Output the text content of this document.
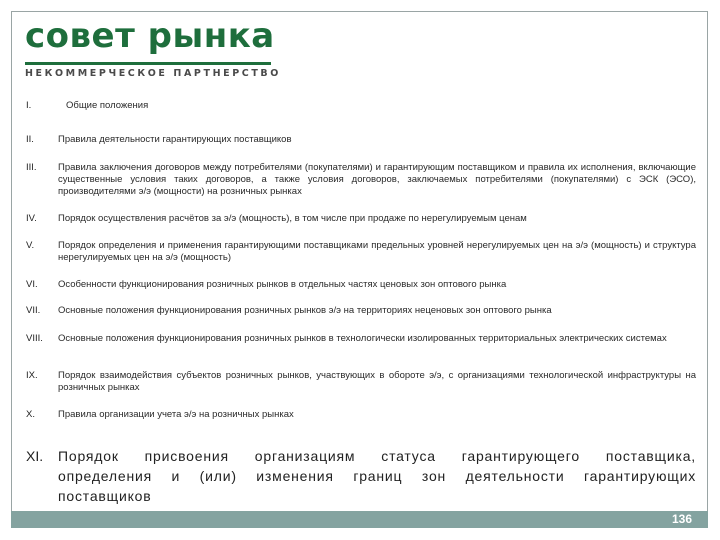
совет рынка
НЕКОММЕРЧЕСКОЕ ПАРТНЕРСТВО
I.	Общие положения
II.	Правила деятельности гарантирующих поставщиков
III. Правила заключения договоров между потребителями (покупателями) и гарантирующим поставщиком и правила их исполнения, включающие существенные условия таких договоров, а также условия договоров, заключаемых потребителями (покупателями) с ЭСК (ЭСО), производителями э/э (мощности) на розничных рынках
IV. Порядок осуществления расчётов за э/э (мощность), в том числе при продаже по нерегулируемым ценам
V.	Порядок определения и применения гарантирующими поставщиками предельных уровней нерегулируемых цен на э/э (мощность) и структура нерегулируемых цен на э/э (мощность)
VI. Особенности функционирования розничных рынков в отдельных частях ценовых зон оптового рынка
VII. Основные положения функционирования розничных рынков э/э на территориях неценовых зон оптового рынка
VIII. Основные положения функционирования розничных рынков в технологически изолированных территориальных электрических системах
IX. Порядок взаимодействия субъектов розничных рынков, участвующих в обороте э/э, с организациями технологической инфраструктуры на розничных рынках
X. Правила организации учета э/э на розничных рынках
XI. Порядок присвоения организациям статуса гарантирующего поставщика, определения и (или) изменения границ зон деятельности гарантирующих поставщиков
136
